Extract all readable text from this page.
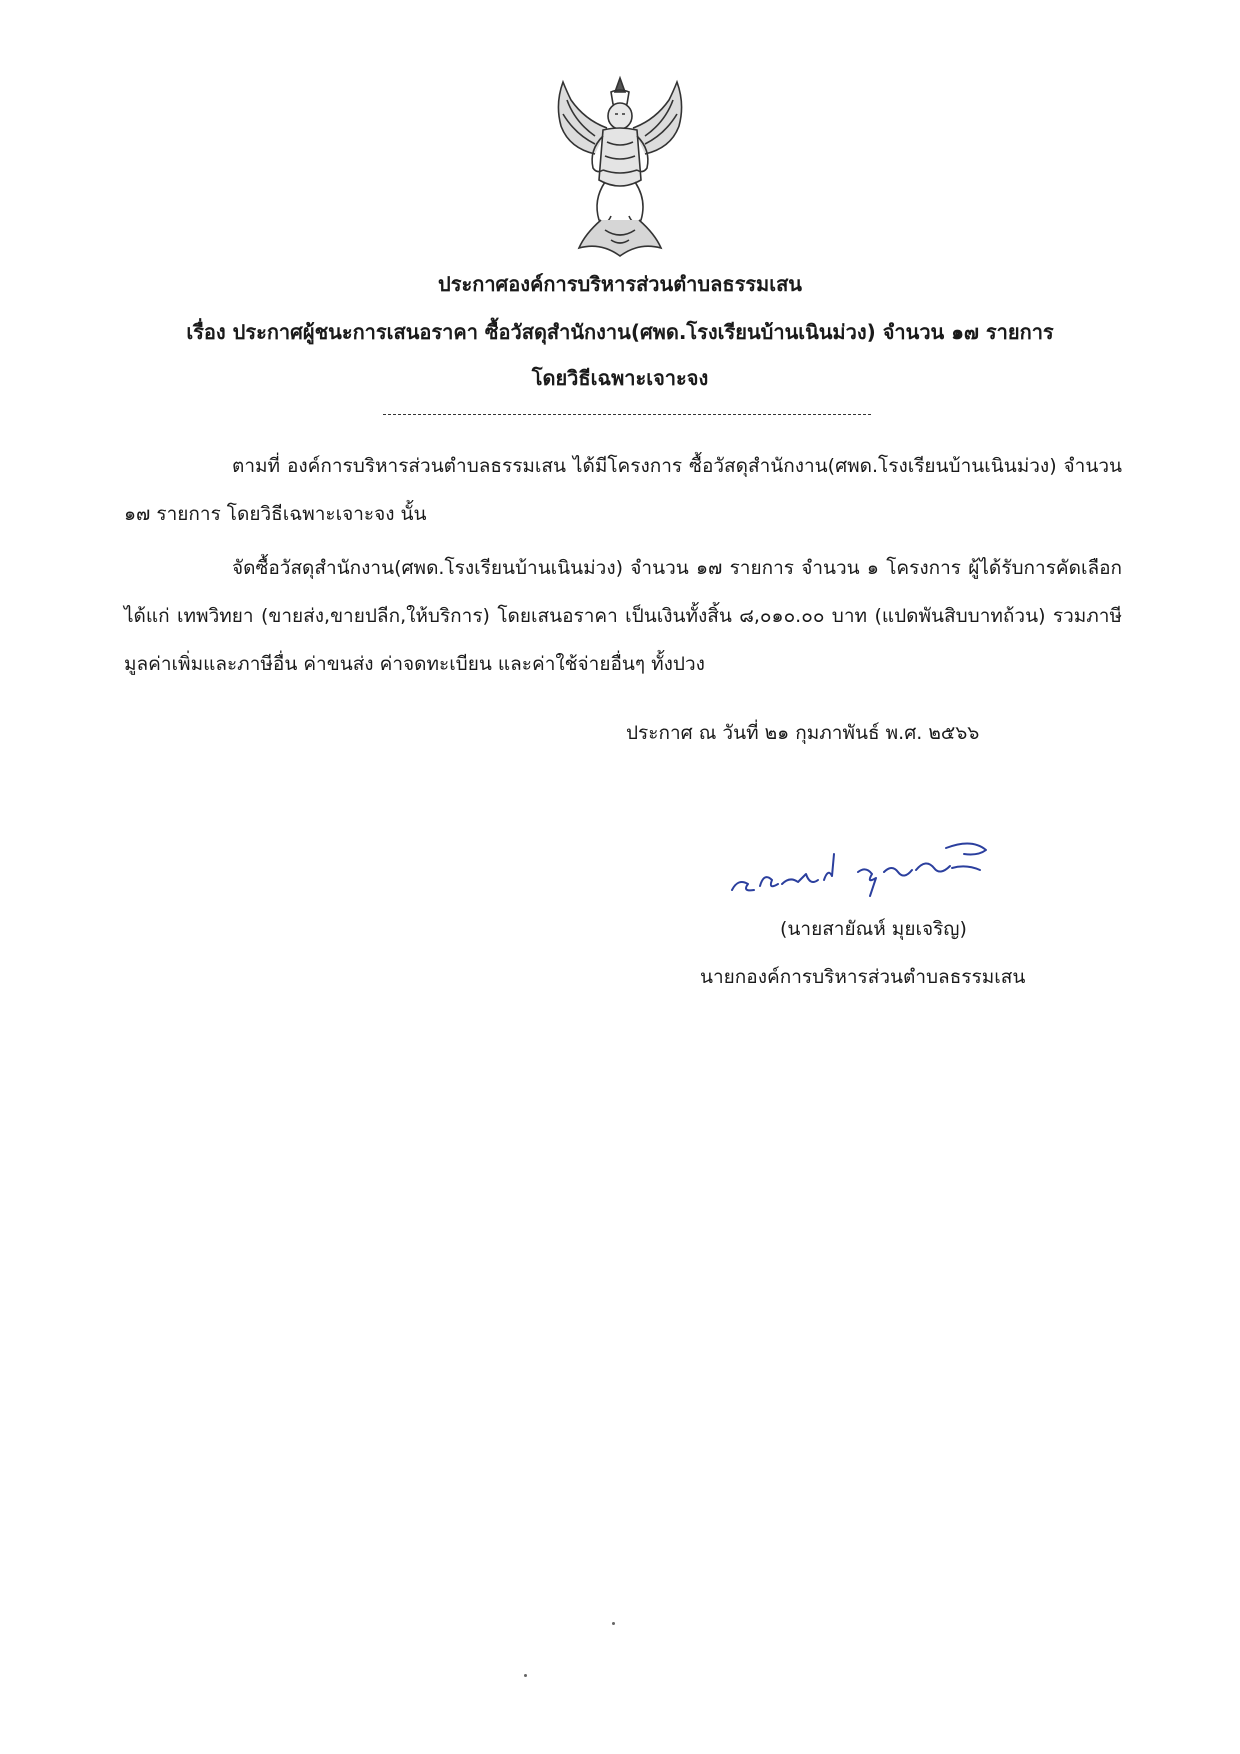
ประกาศองค์การบริหารส่วนตำบลธรรมเสน
เรื่อง ประกาศผู้ชนะการเสนอราคา ซื้อวัสดุสำนักงาน(ศพด.โรงเรียนบ้านเนินม่วง) จำนวน ๑๗ รายการ
โดยวิธีเฉพาะเจาะจง
ตามที่ องค์การบริหารส่วนตำบลธรรมเสน ได้มีโครงการ ซื้อวัสดุสำนักงาน(ศพด.โรงเรียนบ้านเนินม่วง) จำนวน ๑๗ รายการ โดยวิธีเฉพาะเจาะจง นั้น
จัดซื้อวัสดุสำนักงาน(ศพด.โรงเรียนบ้านเนินม่วง) จำนวน ๑๗ รายการ จำนวน ๑ โครงการ ผู้ได้รับการคัดเลือก ได้แก่ เทพวิทยา (ขายส่ง,ขายปลีก,ให้บริการ) โดยเสนอราคา เป็นเงินทั้งสิ้น ๘,๐๑๐.๐๐ บาท (แปดพันสิบบาทถ้วน) รวมภาษีมูลค่าเพิ่มและภาษีอื่น ค่าขนส่ง ค่าจดทะเบียน และค่าใช้จ่ายอื่นๆ ทั้งปวง
ประกาศ ณ วันที่ ๒๑ กุมภาพันธ์ พ.ศ. ๒๕๖๖
(นายสายัณห์ มุยเจริญ)
นายกองค์การบริหารส่วนตำบลธรรมเสน
